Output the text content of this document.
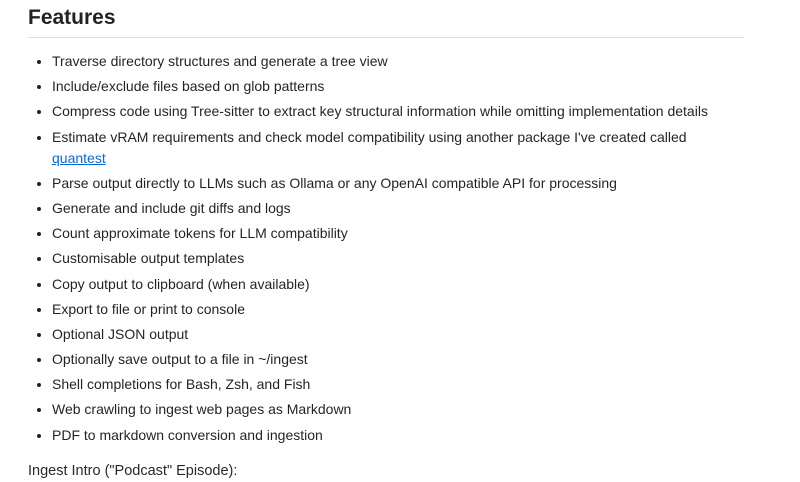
Features
• Traverse directory structures and generate a tree view
• Include/exclude files based on glob patterns
• Compress code using Tree-sitter to extract key structural information while omitting implementation details
• Estimate vRAM requirements and check model compatibility using another package I've created called quantest
• Parse output directly to LLMs such as Ollama or any OpenAI compatible API for processing
• Generate and include git diffs and logs
• Count approximate tokens for LLM compatibility
• Customisable output templates
• Copy output to clipboard (when available)
• Export to file or print to console
• Optional JSON output
• Optionally save output to a file in ~/ingest
• Shell completions for Bash, Zsh, and Fish
• Web crawling to ingest web pages as Markdown
• PDF to markdown conversion and ingestion

Ingest Intro ("Podcast" Episode):
